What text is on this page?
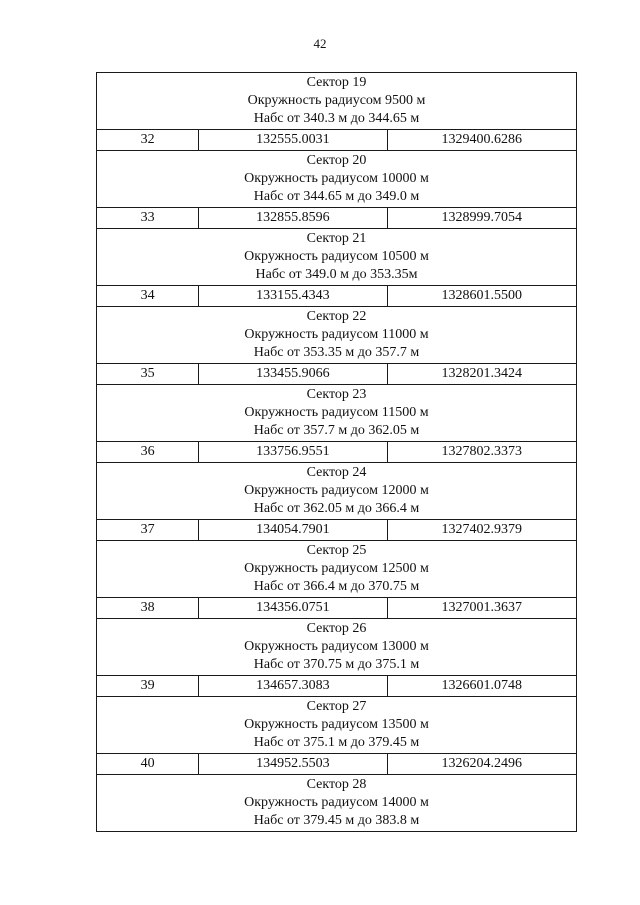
42
Сектор 19
Окружность радиусом 9500 м
Набс от 340.3 м до 344.65 м		

32	132555.0031	1329400.6286

Сектор 20
Окружность радиусом 10000 м
Набс от 344.65 м до 349.0 м		

33	132855.8596	1328999.7054

Сектор 21
Окружность радиусом 10500 м
Набс от 349.0 м до 353.35м		

34	133155.4343	1328601.5500

Сектор 22
Окружность радиусом 11000 м
Набс от 353.35 м до 357.7 м		

35	133455.9066	1328201.3424

Сектор 23
Окружность радиусом 11500 м
Набс от 357.7 м до 362.05 м		

36	133756.9551	1327802.3373

Сектор 24
Окружность радиусом 12000 м
Набс от 362.05 м до 366.4 м		

37	134054.7901	1327402.9379

Сектор 25
Окружность радиусом 12500 м
Набс от 366.4 м до 370.75 м		

38	134356.0751	1327001.3637

Сектор 26
Окружность радиусом 13000 м
Набс от 370.75 м до 375.1 м		

39	134657.3083	1326601.0748

Сектор 27
Окружность радиусом 13500 м
Набс от 375.1 м до 379.45 м		

40	134952.5503	1326204.2496

Сектор 28
Окружность радиусом 14000 м
Набс от 379.45 м до 383.8 м		
